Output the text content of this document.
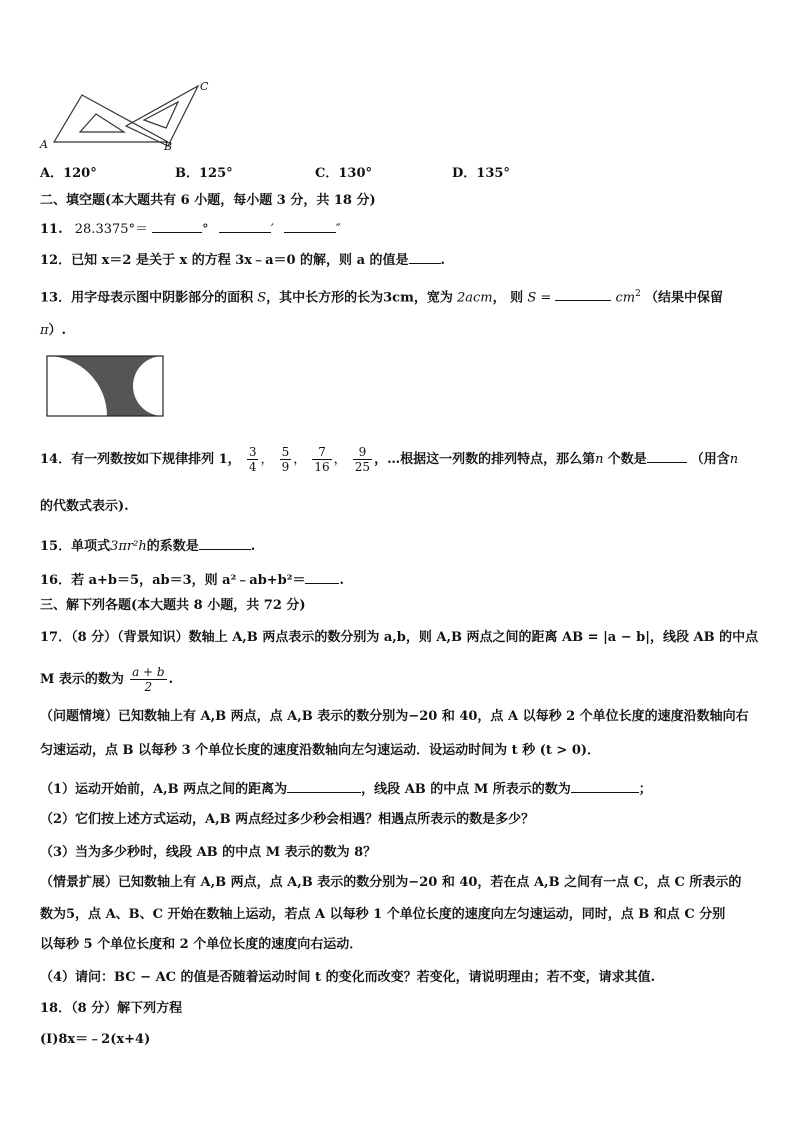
A	B
C
A．120°	B．125°	C．130°	D．135°
二、填空题(本大题共有 6 小题，每小题 3 分，共 18 分)
11. 28.3375°＝	°	′	″
12．已知 x＝2 是关于 x 的方程 3x﹣a＝0 的解，则 a 的值是 .
13．用字母表示图中阴影部分的面积 S，其中长方形的长为3cm，宽为 2acm， 则 S =	$cm^2$ （结果中保留
π）.
14．有一列数按如下规律排列 1， $\frac{3}{4}$ ， $\frac{5}{9}$ ， $\frac{7}{16}$ ， $\frac{9}{25}$ ，…根据这一列数的排列特点，那么第n 个数是	（用含n
的代数式表示).
15．单项式3πr²h的系数是	.
16．若 a+b＝5，ab＝3，则 a²﹣ab+b²＝	.
三、解下列各题(本大题共 8 小题，共 72 分)
17．（8 分）（背景知识）数轴上 A,B 两点表示的数分别为 a,b，则 A,B 两点之间的距离 AB = |a − b|，线段 AB 的中点
M 表示的数为 $\frac{a + b}{2}$ .
（问题情境）已知数轴上有 A,B 两点，点 A,B 表示的数分别为−20 和 40，点 A 以每秒 2 个单位长度的速度沿数轴向右
匀速运动，点 B 以每秒 3 个单位长度的速度沿数轴向左匀速运动．设运动时间为 t 秒 (t > 0)．
（1）运动开始前，A,B 两点之间的距离为	，线段 AB 的中点 M 所表示的数为	；
（2）它们按上述方式运动，A,B 两点经过多少秒会相遇？相遇点所表示的数是多少？
（3）当为多少秒时，线段 AB 的中点 M 表示的数为 8？
（情景扩展）已知数轴上有 A,B 两点，点 A,B 表示的数分别为−20 和 40，若在点 A,B 之间有一点 C，点 C 所表示的
数为5，点 A、B、C 开始在数轴上运动，若点 A 以每秒 1 个单位长度的速度向左匀速运动，同时，点 B 和点 C 分别
以每秒 5 个单位长度和 2 个单位长度的速度向右运动．
（4）请问：BC − AC 的值是否随着运动时间 t 的变化而改变？若变化，请说明理由；若不变，请求其值.
18．（8 分）解下列方程
(Ⅰ)8x＝﹣2(x+4)
